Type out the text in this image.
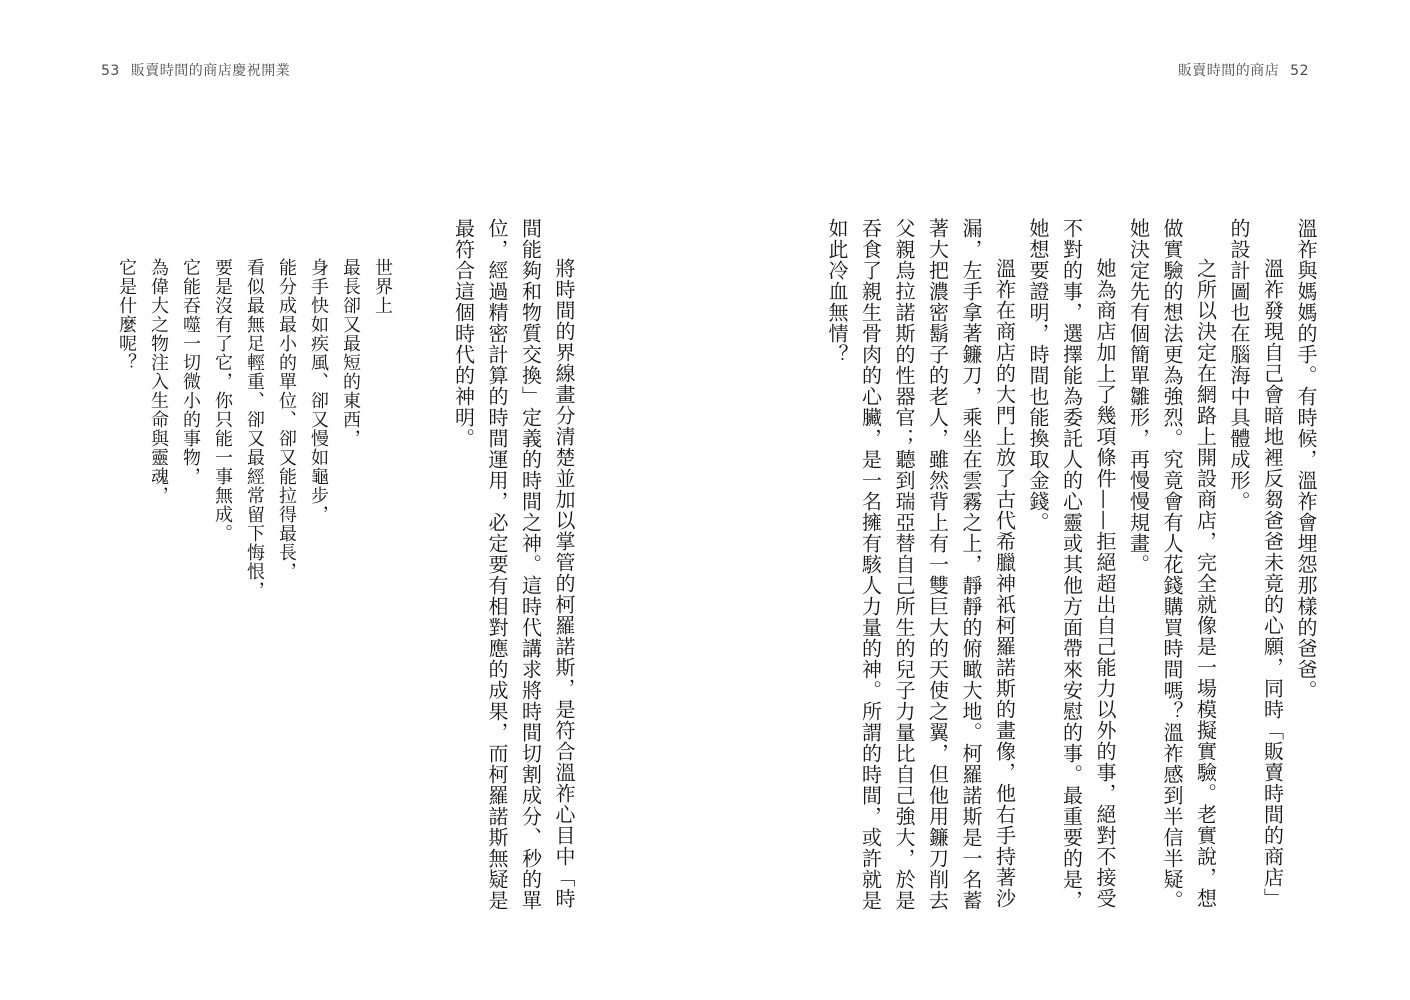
53 販賣時間的商店慶祝開業	販賣時間的商店 52

溫祚與媽媽的手。有時候，溫祚會埋怨那樣的爸爸。

溫祚發現自己會暗地裡反芻爸爸未竟的心願，同時「販賣時間的商店」的設計圖也在腦海中具體成形。

之所以決定在網路上開設商店，完全就像是一場模擬實驗。老實說，想做實驗的想法更為強烈。究竟會有人花錢購買時間嗎？溫祚感到半信半疑。她決定先有個簡單雛形，再慢慢規畫。

她為商店加上了幾項條件——拒絕超出自己能力以外的事，絕對不接受不對的事，選擇能為委託人的心靈或其他方面帶來安慰的事。最重要的是，她想要證明，時間也能換取金錢。

溫祚在商店的大門上放了古代希臘神祇柯羅諾斯的畫像，他右手持著沙漏，左手拿著鐮刀，乘坐在雲霧之上，靜靜的俯瞰大地。柯羅諾斯是一名蓄著大把濃密鬍子的老人，雖然背上有一雙巨大的天使之翼，但他用鐮刀削去父親烏拉諾斯的性器官；聽到瑞亞替自己所生的兒子力量比自己強大，於是吞食了親生骨肉的心臟，是一名擁有駭人力量的神。所謂的時間，或許就是如此冷血無情？

將時間的界線畫分清楚並加以掌管的柯羅諾斯，是符合溫祚心目中「時間能夠和物質交換」定義的時間之神。這時代講求將時間切割成分、秒的單位，經過精密計算的時間運用，必定要有相對應的成果，而柯羅諾斯無疑是最符合這個時代的神明。

世界上
最長卻又最短的東西，
身手快如疾風、卻又慢如龜步，
能分成最小的單位、卻又能拉得最長，
看似最無足輕重、卻又最經常留下悔恨，
要是沒有了它，你只能一事無成。
它能吞噬一切微小的事物，
為偉大之物注入生命與靈魂，
它是什麼呢？
